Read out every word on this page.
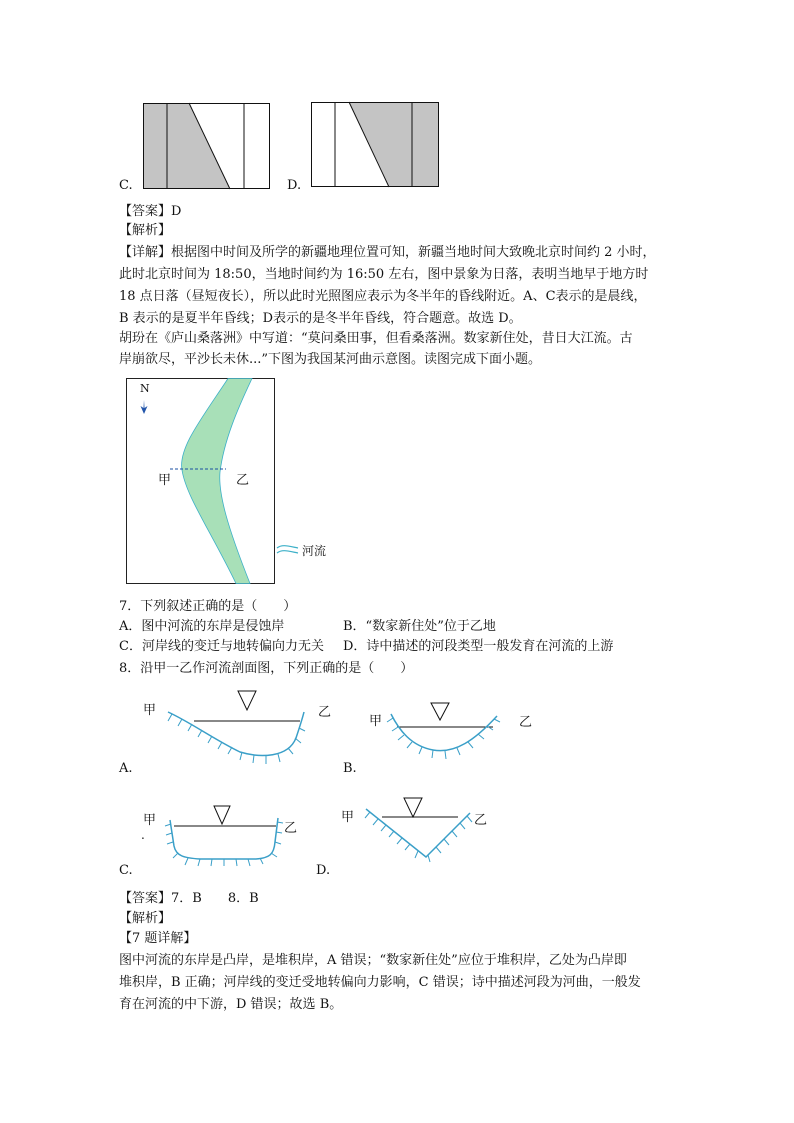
C.	D.
【答案】D
【解析】
【详解】根据图中时间及所学的新疆地理位置可知，新疆当地时间大致晚北京时间约 2 小时，
此时北京时间为 18:50，当地时间约为 16:50 左右，图中景象为日落，表明当地早于地方时
18 点日落（昼短夜长），所以此时光照图应表示为冬半年的昏线附近。A、C表示的是晨线，
B 表示的是夏半年昏线；D表示的是冬半年昏线，符合题意。故选 D。
胡玢在《庐山桑落洲》中写道：“莫问桑田事，但看桑落洲。数家新住处，昔日大江流。古
岸崩欲尽，平沙长未休...”下图为我国某河曲示意图。读图完成下面小题。
N
甲	乙
河流
7．下列叙述正确的是（　　）
A．图中河流的东岸是侵蚀岸	B．“数家新住处”位于乙地
C．河岸线的变迁与地转偏向力无关 D．诗中描述的河段类型一般发育在河流的上游
8．沿甲一乙作河流剖面图，下列正确的是（　　）
甲	乙
A.
甲	乙
B.
甲
乙
.
C.
甲	乙
D.
【答案】7．B　　8．B
【解析】
【7 题详解】
图中河流的东岸是凸岸，是堆积岸，A 错误；“数家新住处”应位于堆积岸，乙处为凸岸即
堆积岸，B 正确；河岸线的变迁受地转偏向力影响，C 错误；诗中描述河段为河曲，一般发
育在河流的中下游，D 错误；故选 B。
